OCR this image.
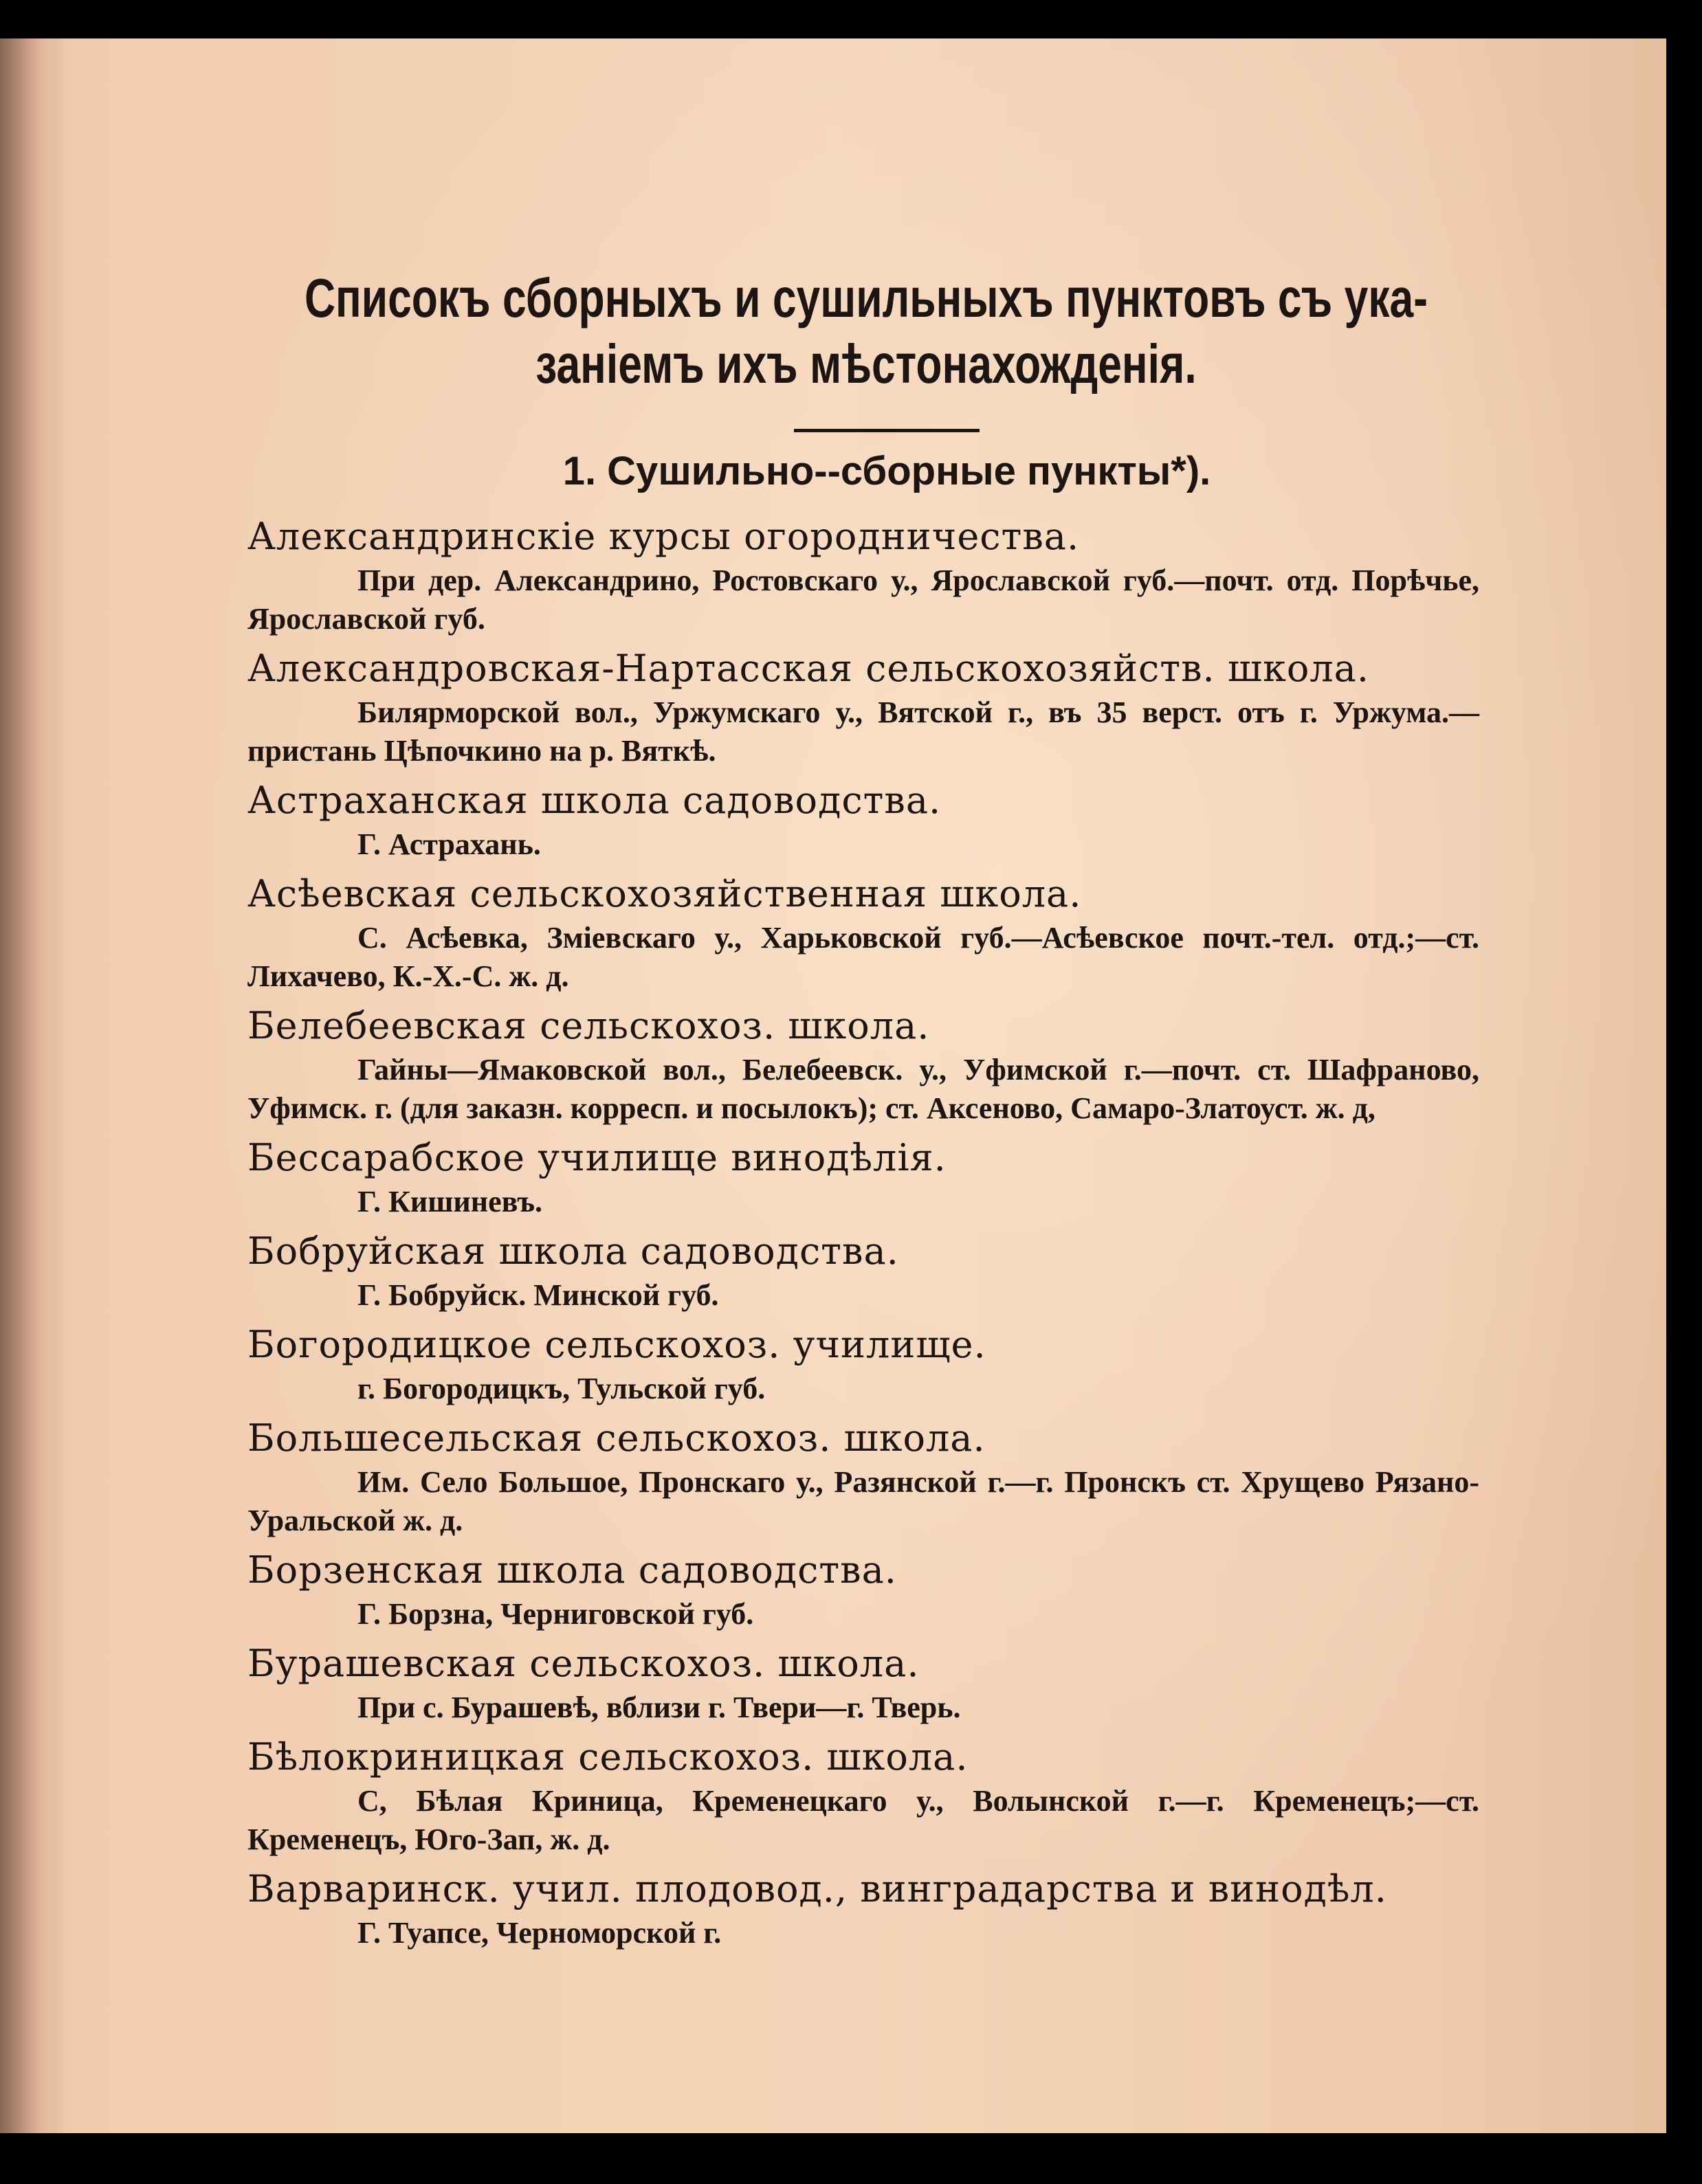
Списокъ сборныхъ и сушильныхъ пунктовъ съ ука-
заніемъ ихъ мѣстонахожденія.
1. Сушильно--сборные пункты*).
Александринскіе курсы огородничества.
При дер. Александрино, Ростовскаго у., Ярославской губ.—почт. отд. Порѣчье, Ярославской губ.
Александровская-Нартасская сельскохозяйств. школа.
Билярморской вол., Уржумскаго у., Вятской г., въ 35 верст. отъ г. Уржума.—пристань Цѣпочкино на р. Вяткѣ.
Астраханская школа садоводства.
Г. Астрахань.
Асѣевская сельскохозяйственная школа.
С. Асѣевка, Зміевскаго у., Харьковской губ.—Асѣевское почт.-тел. отд.;—ст. Лихачево, К.-Х.-С. ж. д.
Белебеевская сельскохоз. школа.
Гайны—Ямаковской вол., Белебеевск. у., Уфимской г.—почт. ст. Шафраново, Уфимск. г. (для заказн. корресп. и посылокъ); ст. Аксеново, Самаро-Златоуст. ж. д,
Бессарабское училище винодѣлія.
Г. Кишиневъ.
Бобруйская школа садоводства.
Г. Бобруйск. Минской губ.
Богородицкое сельскохоз. училище.
г. Богородицкъ, Тульской губ.
Большесельская сельскохоз. школа.
Им. Село Большое, Пронскаго у., Разянской г.—г. Пронскъ ст. Хрущево Рязано-Уральской ж. д.
Борзенская школа садоводства.
Г. Борзна, Черниговской губ.
Бурашевская сельскохоз. школа.
При с. Бурашевѣ, вблизи г. Твери—г. Тверь.
Бѣлокриницкая сельскохоз. школа.
С, Бѣлая Криница, Кременецкаго у., Волынской г.—г. Кременецъ;—ст. Кременецъ, Юго-Зап, ж. д.
Варваринск. учил. плодовод., винградарства и винодѣл.
Г. Туапсе, Черноморской г.
